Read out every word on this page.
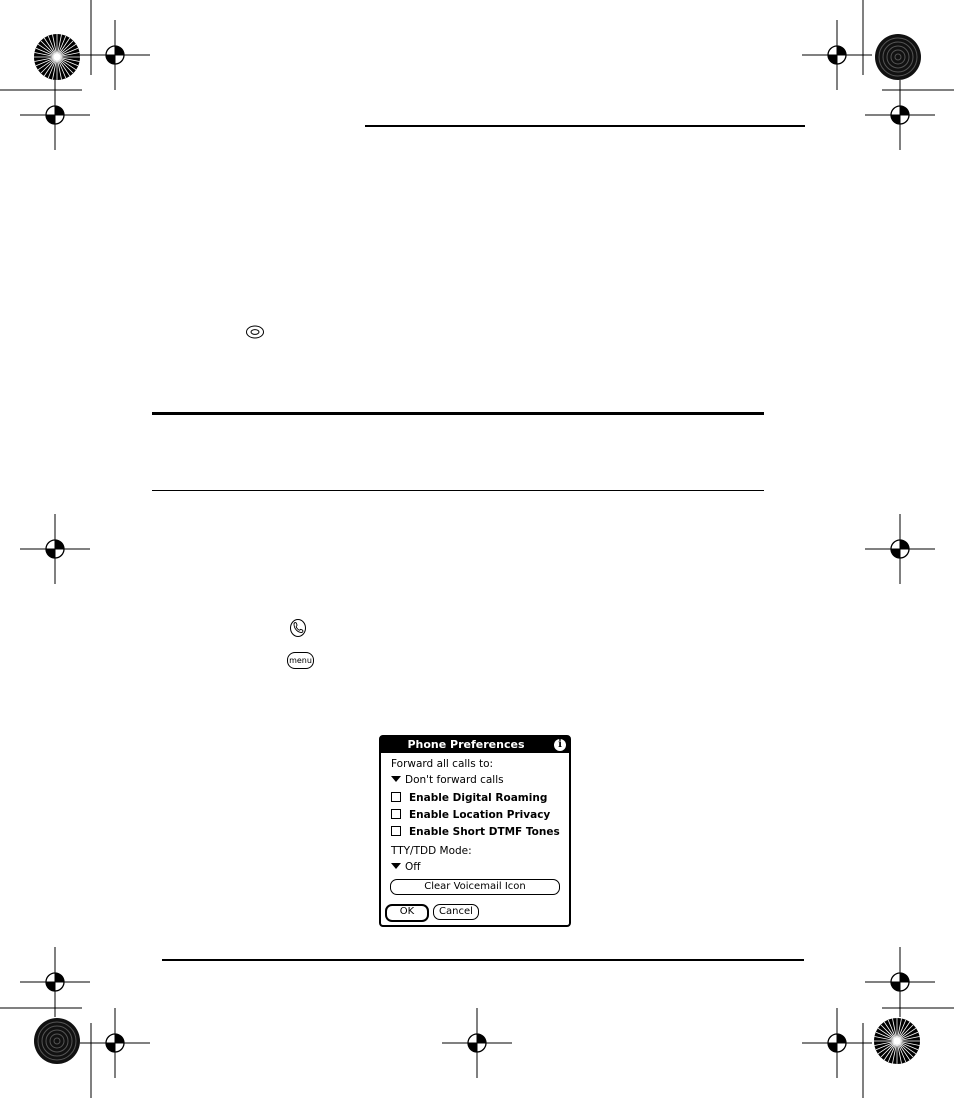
menu
Phone Preferences	i
Forward all calls to:
Don't forward calls
Enable Digital Roaming
Enable Location Privacy
Enable Short DTMF Tones
TTY/TDD Mode:
Off
Clear Voicemail Icon
OK	Cancel
